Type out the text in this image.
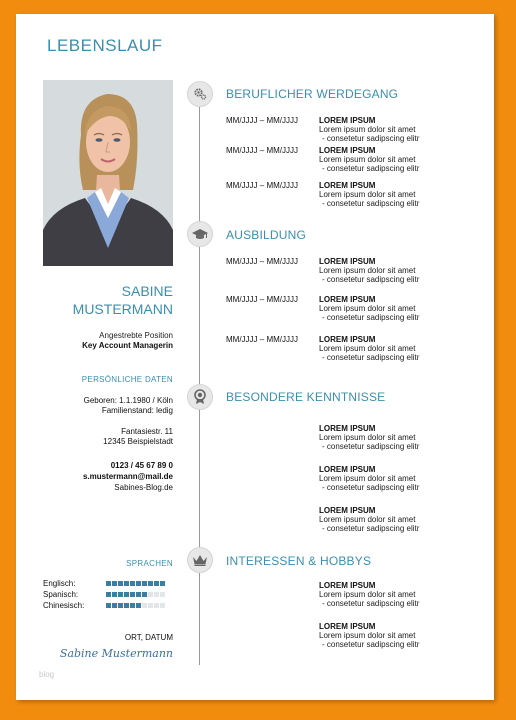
LEBENSLAUF
SABINE
MUSTERMANN
Angestrebte Position
Key Account Managerin
PERSÖNLICHE DATEN
Geboren: 1.1.1980 / Köln
Familienstand: ledig
Fantasiestr. 11
12345 Beispielstadt
0123 / 45 67 89 0
s.mustermann@mail.de
Sabines-Blog.de
SPRACHEN
Englisch:
Spanisch:
Chinesisch:
ORT, DATUM
Sabine Mustermann
blog
BERUFLICHER WERDEGANG
AUSBILDUNG
BESONDERE KENNTNISSE
INTERESSEN & HOBBYS
MM/JJJJ – MM/JJJJ	LOREM IPSUM
Lorem ipsum dolor sit amet
- consetetur sadipscing elitr
MM/JJJJ – MM/JJJJ	LOREM IPSUM
Lorem ipsum dolor sit amet
- consetetur sadipscing elitr
MM/JJJJ – MM/JJJJ	LOREM IPSUM
Lorem ipsum dolor sit amet
- consetetur sadipscing elitr
MM/JJJJ – MM/JJJJ	LOREM IPSUM
Lorem ipsum dolor sit amet
- consetetur sadipscing elitr
MM/JJJJ – MM/JJJJ	LOREM IPSUM
Lorem ipsum dolor sit amet
- consetetur sadipscing elitr
MM/JJJJ – MM/JJJJ	LOREM IPSUM
Lorem ipsum dolor sit amet
- consetetur sadipscing elitr
LOREM IPSUM
Lorem ipsum dolor sit amet
- consetetur sadipscing elitr
LOREM IPSUM
Lorem ipsum dolor sit amet
- consetetur sadipscing elitr
LOREM IPSUM
Lorem ipsum dolor sit amet
- consetetur sadipscing elitr
LOREM IPSUM
Lorem ipsum dolor sit amet
- consetetur sadipscing elitr
LOREM IPSUM
Lorem ipsum dolor sit amet
- consetetur sadipscing elitr
